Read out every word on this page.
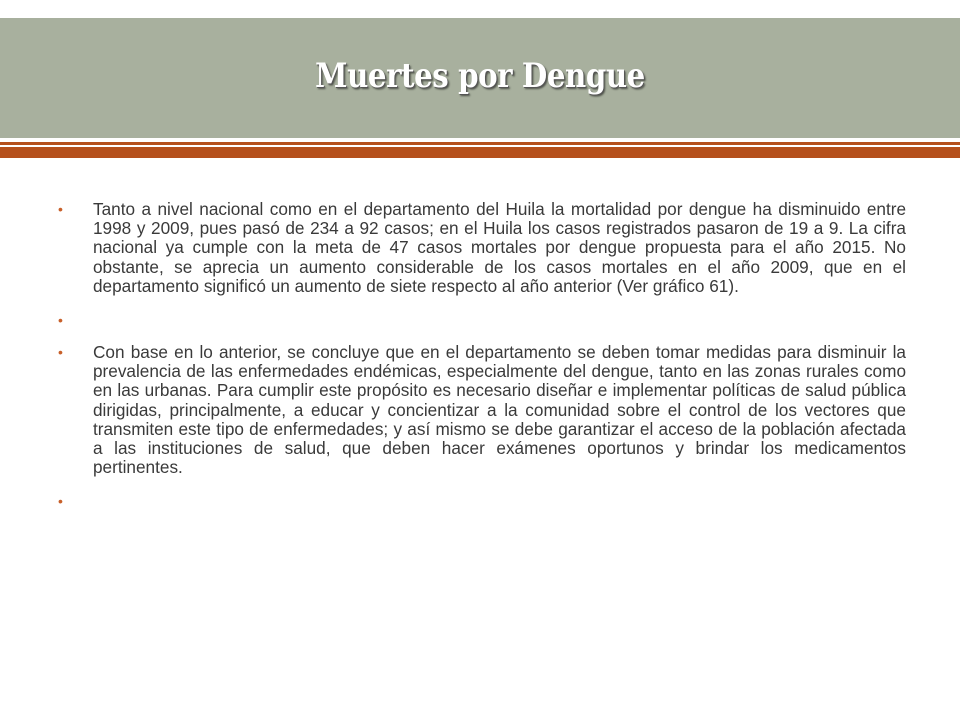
Muertes por Dengue
• Tanto a nivel nacional como en el departamento del Huila la mortalidad por dengue ha disminuido entre 1998 y 2009, pues pasó de 234 a 92 casos; en el Huila los casos registrados pasaron de 19 a 9. La cifra nacional ya cumple con la meta de 47 casos mortales por dengue propuesta para el año 2015. No obstante, se aprecia un aumento considerable de los casos mortales en el año 2009, que en el departamento significó un aumento de siete respecto al año anterior (Ver gráfico 61).
•
• Con base en lo anterior, se concluye que en el departamento se deben tomar medidas para disminuir la prevalencia de las enfermedades endémicas, especialmente del dengue, tanto en las zonas rurales como en las urbanas. Para cumplir este propósito es necesario diseñar e implementar políticas de salud pública dirigidas, principalmente, a educar y concientizar a la comunidad sobre el control de los vectores que transmiten este tipo de enfermedades; y así mismo se debe garantizar el acceso de la población afectada a las instituciones de salud, que deben hacer exámenes oportunos y brindar los medicamentos pertinentes.
•
